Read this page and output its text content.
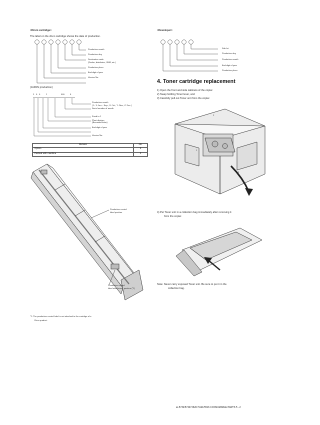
<Drum cartridge>
The label on the drum cartridge shows the date of production.
Production month
Production day
Destination code
(Dealer, distributor, OEM, etc.)
Production place
End digit of year
Version No.
(JAPAN production)
5 0 0	1	000	6
Production month
(1 - 9: Jan. - Sep., X: Oct., Y: Nov., Z: Dec.)
Serial number of month
Fixed to 1
Plant division
(Barcoded letter)
End digit of year
Version No.
Division	No.
Option	2
Packed with machine	3
Production control
label position
Production control
label attachment position (*1)
*1: The production control label is not attached to the cartridge of a
China product.
<Developer>
Sub lot
Production day
Production month
End digit of year
Production place
4. Toner cartridge replacement
1) Open the front and side cabinets of the copier.
2) Swap holding Toner lever, and
3) Carefully pull out Toner unit from the copier.
2
1
3
4) Put Toner unit in a collection bag immediately after removing it
from the copier.
Note: Never carry exposed Toner unit. Be sure to put it in the
collection bag.
ar-5732/5740/ 5620/ 5121/5516 CONSUMABLE PARTS 5 - 2
